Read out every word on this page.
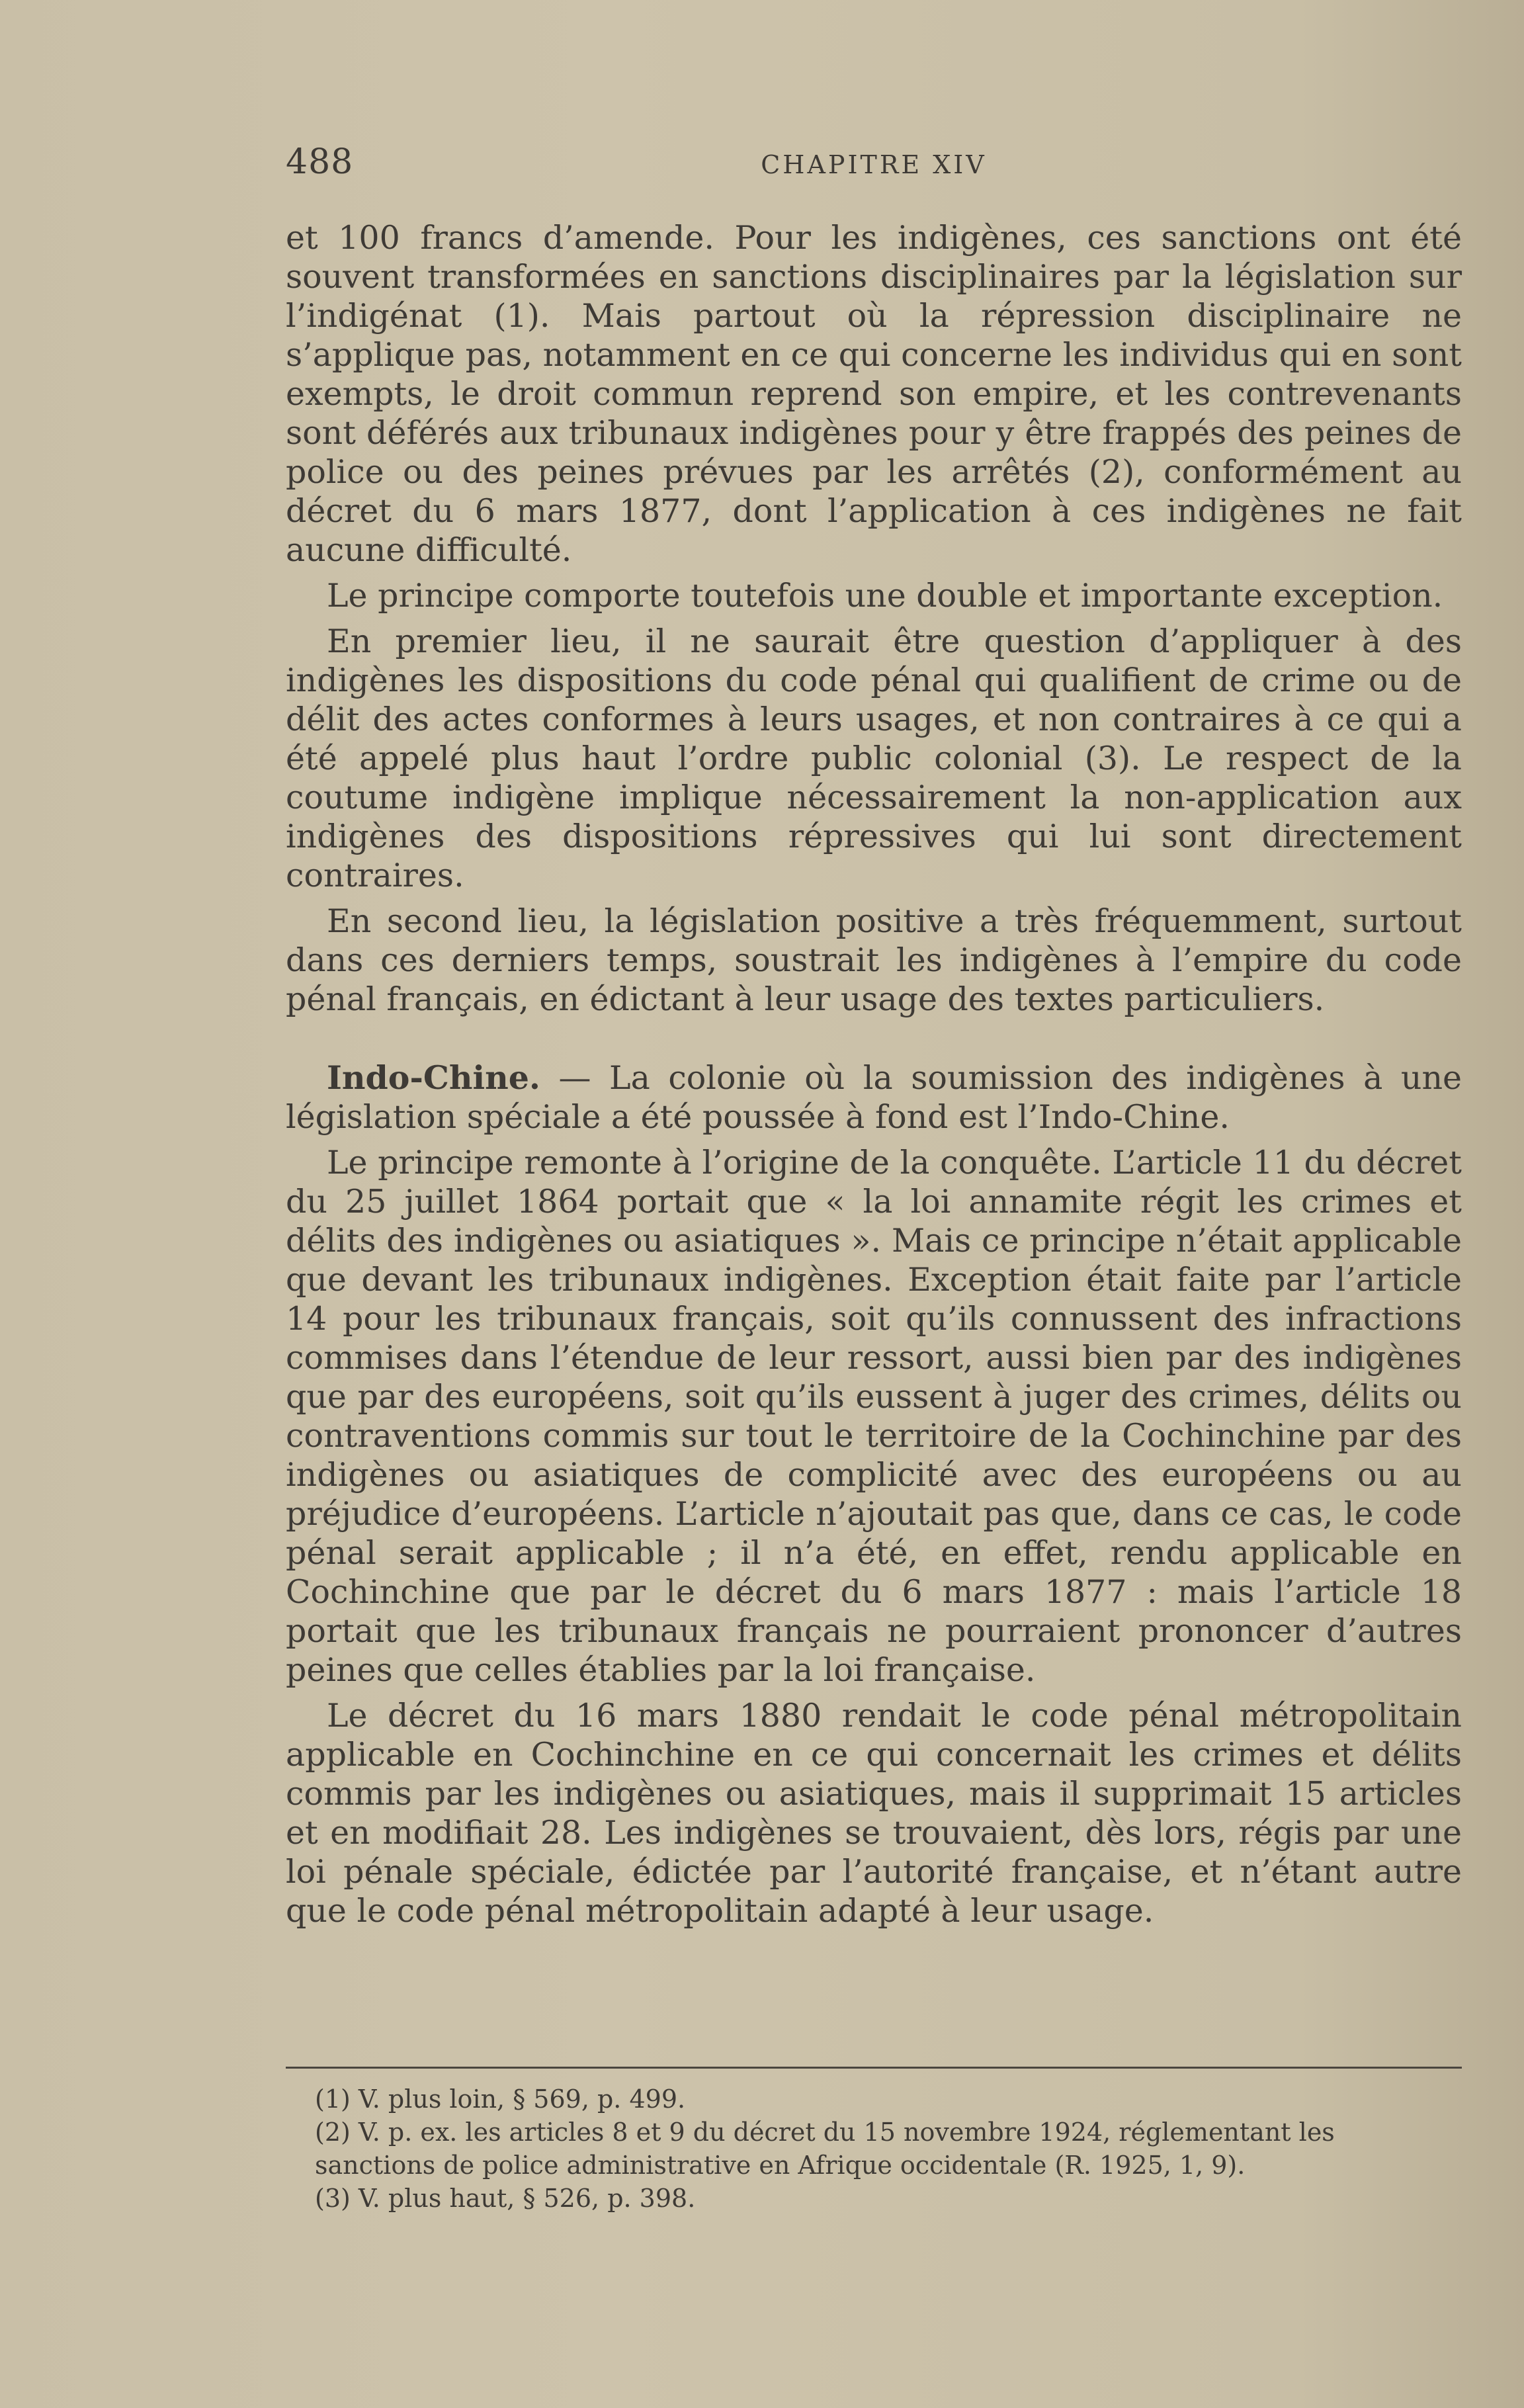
488	CHAPITRE XIV

et 100 francs d’amende. Pour les indigènes, ces sanctions ont été souvent transformées en sanctions disciplinaires par la législation sur l’indigénat (1). Mais partout où la répression disciplinaire ne s’applique pas, notamment en ce qui concerne les individus qui en sont exempts, le droit commun reprend son empire, et les contrevenants sont déférés aux tribunaux indigènes pour y être frappés des peines de police ou des peines prévues par les arrêtés (2), conformément au décret du 6 mars 1877, dont l’application à ces indigènes ne fait aucune difficulté.

Le principe comporte toutefois une double et importante exception.

En premier lieu, il ne saurait être question d’appliquer à des indigènes les dispositions du code pénal qui qualifient de crime ou de délit des actes conformes à leurs usages, et non contraires à ce qui a été appelé plus haut l’ordre public colonial (3). Le respect de la coutume indigène implique nécessairement la non-application aux indigènes des dispositions répressives qui lui sont directement contraires.

En second lieu, la législation positive a très fréquemment, surtout dans ces derniers temps, soustrait les indigènes à l’empire du code pénal français, en édictant à leur usage des textes particuliers.

Indo-Chine. — La colonie où la soumission des indigènes à une législation spéciale a été poussée à fond est l’Indo-Chine.

Le principe remonte à l’origine de la conquête. L’article 11 du décret du 25 juillet 1864 portait que « la loi annamite régit les crimes et délits des indigènes ou asiatiques ». Mais ce principe n’était applicable que devant les tribunaux indigènes. Exception était faite par l’article 14 pour les tribunaux français, soit qu’ils connussent des infractions commises dans l’étendue de leur ressort, aussi bien par des indigènes que par des européens, soit qu’ils eussent à juger des crimes, délits ou contraventions commis sur tout le territoire de la Cochinchine par des indigènes ou asiatiques de complicité avec des européens ou au préjudice d’européens. L’article n’ajoutait pas que, dans ce cas, le code pénal serait applicable ; il n’a été, en effet, rendu applicable en Cochinchine que par le décret du 6 mars 1877 : mais l’article 18 portait que les tribunaux français ne pourraient prononcer d’autres peines que celles établies par la loi française.

Le décret du 16 mars 1880 rendait le code pénal métropolitain applicable en Cochinchine en ce qui concernait les crimes et délits commis par les indigènes ou asiatiques, mais il supprimait 15 articles et en modifiait 28. Les indigènes se trouvaient, dès lors, régis par une loi pénale spéciale, édictée par l’autorité française, et n’étant autre que le code pénal métropolitain adapté à leur usage.

(1) V. plus loin, § 569, p. 499.

(2) V. p. ex. les articles 8 et 9 du décret du 15 novembre 1924, réglementant les sanctions de police administrative en Afrique occidentale (R. 1925, 1, 9).

(3) V. plus haut, § 526, p. 398.
